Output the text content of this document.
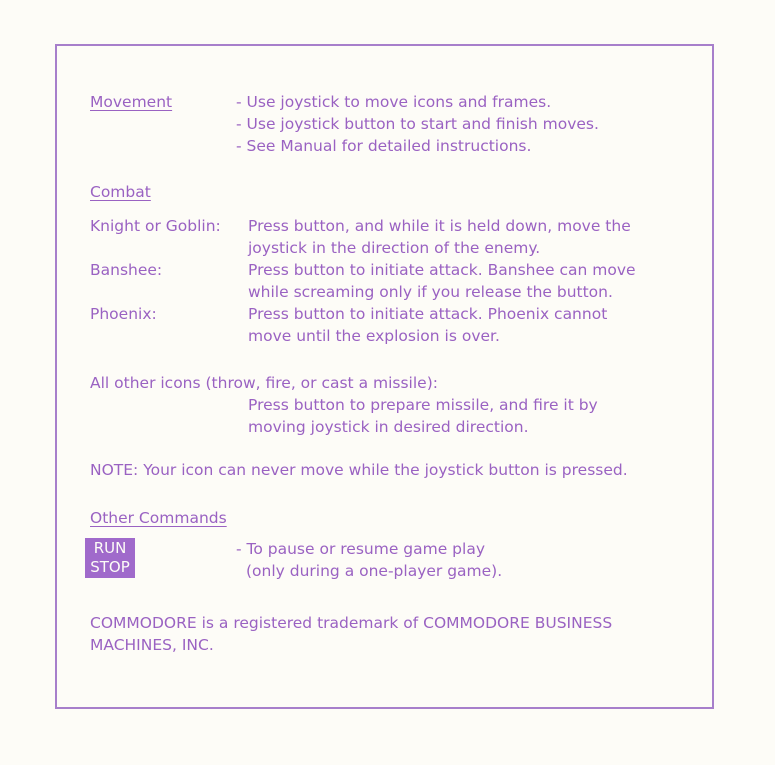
Movement	- Use joystick to move icons and frames.
- Use joystick button to start and finish moves.
- See Manual for detailed instructions.
Combat
Knight or Goblin: Press button, and while it is held down, move the
joystick in the direction of the enemy.
Banshee:	Press button to initiate attack. Banshee can move
while screaming only if you release the button.
Phoenix:	Press button to initiate attack. Phoenix cannot
move until the explosion is over.
All other icons (throw, fire, or cast a missile):
Press button to prepare missile, and fire it by
moving joystick in desired direction.
NOTE: Your icon can never move while the joystick button is pressed.
Other Commands
RUN
STOP
- To pause or resume game play
(only during a one-player game).
COMMODORE is a registered trademark of COMMODORE BUSINESS
MACHINES, INC.
